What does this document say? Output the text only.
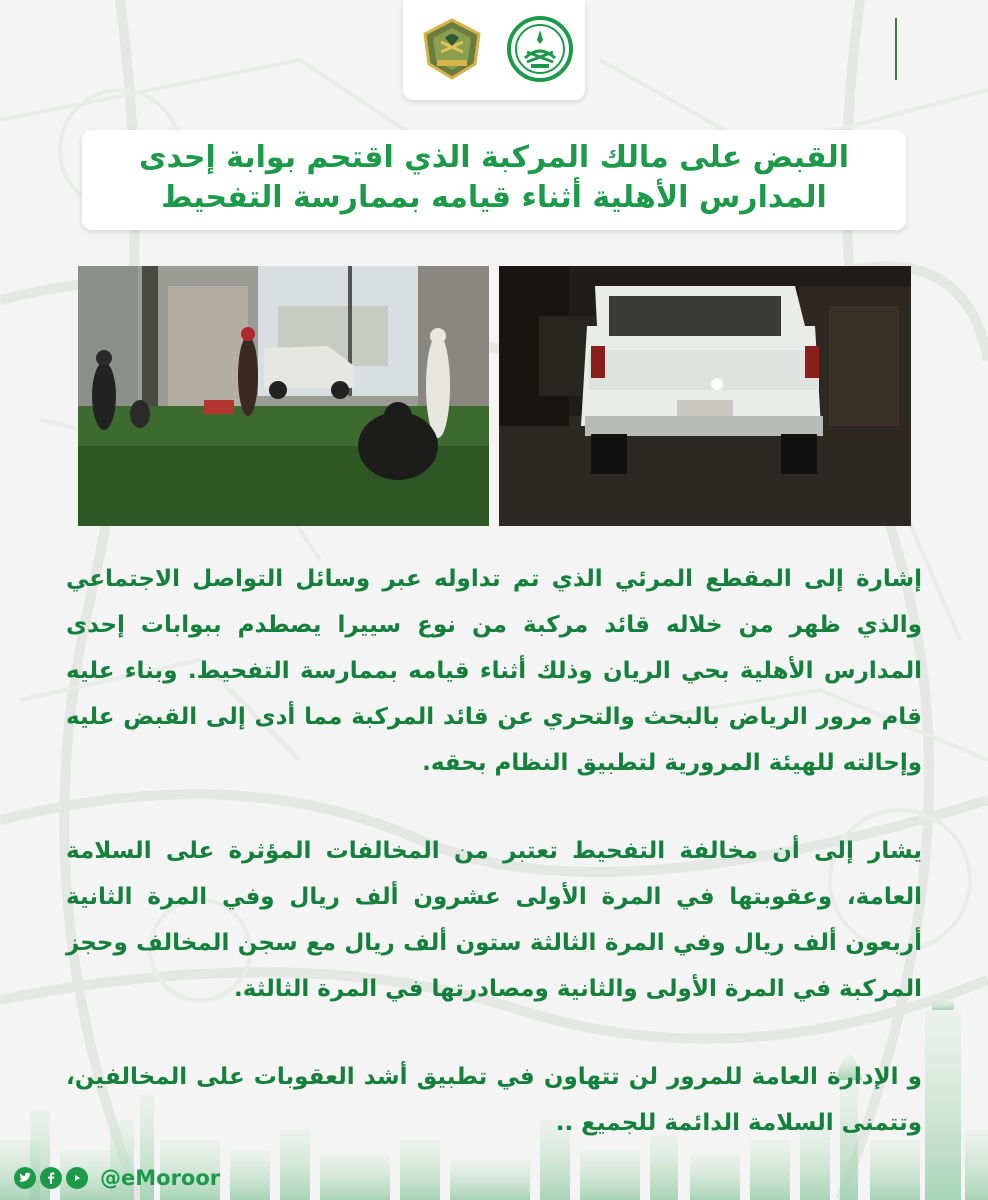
القبض على مالك المركبة الذي اقتحم بوابة إحدى
المدارس الأهلية أثناء قيامه بممارسة التفحيط

إشارة إلى المقطع المرئي الذي تم تداوله عبر وسائل التواصل الاجتماعي والذي ظهر من خلاله قائد مركبة من نوع سييرا يصطدم ببوابات إحدى المدارس الأهلية بحي الريان وذلك أثناء قيامه بممارسة التفحيط. وبناء عليه قام مرور الرياض بالبحث والتحري عن قائد المركبة مما أدى إلى القبض عليه وإحالته للهيئة المرورية لتطبيق النظام بحقه.

يشار إلى أن مخالفة التفحيط تعتبر من المخالفات المؤثرة على السلامة العامة، وعقوبتها في المرة الأولى عشرون ألف ريال وفي المرة الثانية أربعون ألف ريال وفي المرة الثالثة ستون ألف ريال مع سجن المخالف وحجز المركبة في المرة الأولى والثانية ومصادرتها في المرة الثالثة.

و الإدارة العامة للمرور لن تتهاون في تطبيق أشد العقوبات على المخالفين، وتتمنى السلامة الدائمة للجميع ..

@eMoroor
